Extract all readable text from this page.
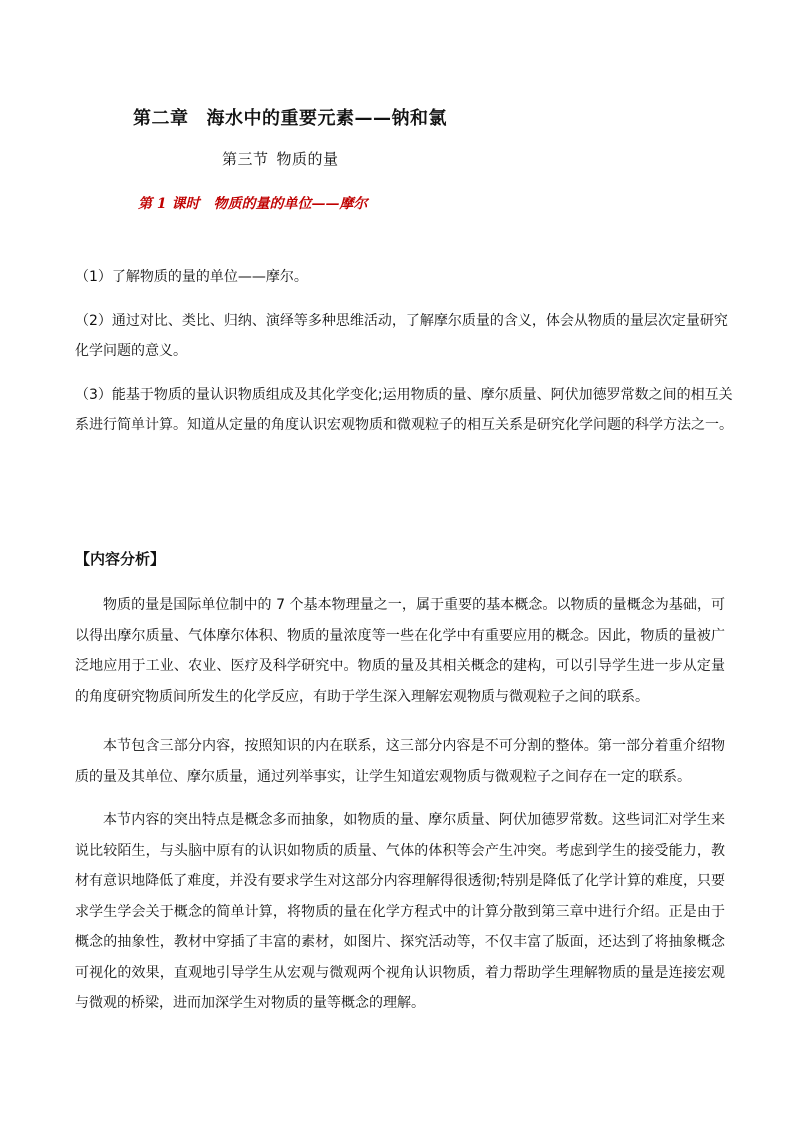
第二章 海水中的重要元素——钠和氯
第三节 物质的量
第 1 课时 物质的量的单位——摩尔
（1）了解物质的量的单位——摩尔。
（2）通过对比、类比、归纳、演绎等多种思维活动，了解摩尔质量的含义，体会从物质的量层次定量研究化学问题的意义。
（3）能基于物质的量认识物质组成及其化学变化;运用物质的量、摩尔质量、阿伏加德罗常数之间的相互关系进行简单计算。知道从定量的角度认识宏观物质和微观粒子的相互关系是研究化学问题的科学方法之一。
【内容分析】
物质的量是国际单位制中的 7 个基本物理量之一，属于重要的基本概念。以物质的量概念为基础，可以得出摩尔质量、气体摩尔体积、物质的量浓度等一些在化学中有重要应用的概念。因此，物质的量被广泛地应用于工业、农业、医疗及科学研究中。物质的量及其相关概念的建构，可以引导学生进一步从定量的角度研究物质间所发生的化学反应，有助于学生深入理解宏观物质与微观粒子之间的联系。
本节包含三部分内容，按照知识的内在联系，这三部分内容是不可分割的整体。第一部分着重介绍物质的量及其单位、摩尔质量，通过列举事实，让学生知道宏观物质与微观粒子之间存在一定的联系。
本节内容的突出特点是概念多而抽象，如物质的量、摩尔质量、阿伏加德罗常数。这些词汇对学生来说比较陌生，与头脑中原有的认识如物质的质量、气体的体积等会产生冲突。考虑到学生的接受能力，教材有意识地降低了难度，并没有要求学生对这部分内容理解得很透彻;特别是降低了化学计算的难度，只要求学生学会关于概念的简单计算，将物质的量在化学方程式中的计算分散到第三章中进行介绍。正是由于概念的抽象性，教材中穿插了丰富的素材，如图片、探究活动等，不仅丰富了版面，还达到了将抽象概念可视化的效果，直观地引导学生从宏观与微观两个视角认识物质，着力帮助学生理解物质的量是连接宏观与微观的桥梁，进而加深学生对物质的量等概念的理解。
